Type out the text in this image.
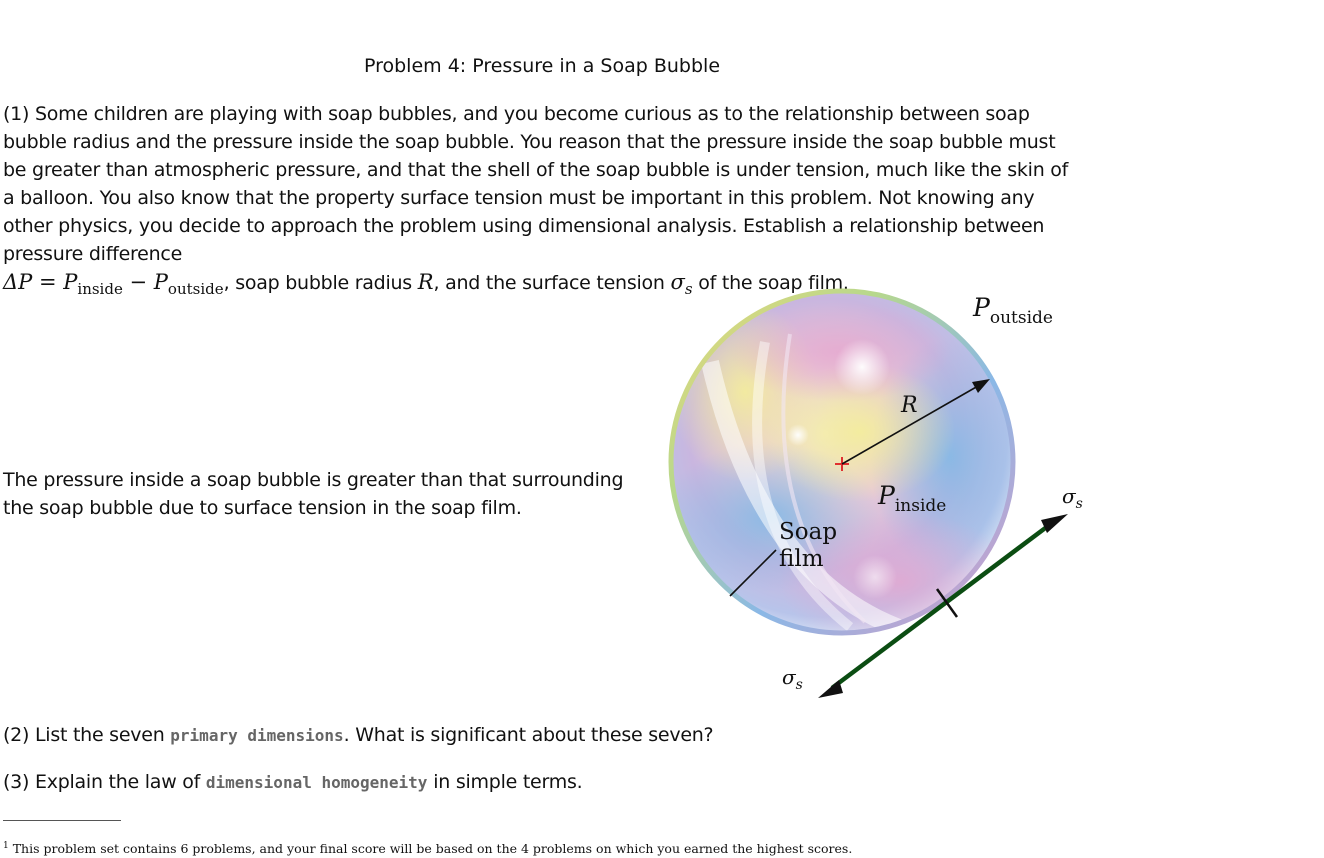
Problem 4: Pressure in a Soap Bubble
(1) Some children are playing with soap bubbles, and you become curious as to the relationship between soap bubble radius and the pressure inside the soap bubble. You reason that the pressure inside the soap bubble must be greater than atmospheric pressure, and that the shell of the soap bubble is under tension, much like the skin of a balloon. You also know that the property surface tension must be important in this problem. Not knowing any other physics, you decide to approach the problem using dimensional analysis. Establish a relationship between pressure difference
$\Delta P = P_{inside} - P_{outside}$, soap bubble radius R, and the surface tension $\sigma_s$ of the soap film.
The pressure inside a soap bubble is greater than that surrounding the soap bubble due to surface tension in the soap film.
$P_{outside}$
R
$P_{inside}$
Soap
film
$\sigma_s$
$\sigma_s$
(2) List the seven primary dimensions. What is significant about these seven?
(3) Explain the law of dimensional homogeneity in simple terms.
$^1$ This problem set contains 6 problems, and your final score will be based on the 4 problems on which you earned the highest scores.
